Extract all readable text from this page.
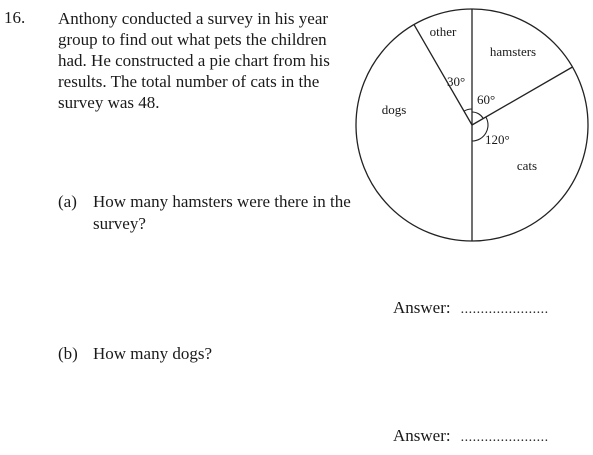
16. Anthony conducted a survey in his year group to find out what pets the children had. He constructed a pie chart from his results. The total number of cats in the survey was 48.

(a) How many hamsters were there in the survey?
Answer: ......................
(b) How many dogs?
Answer: ......................
dogs
other
hamsters
cats
30°
60°
120°
